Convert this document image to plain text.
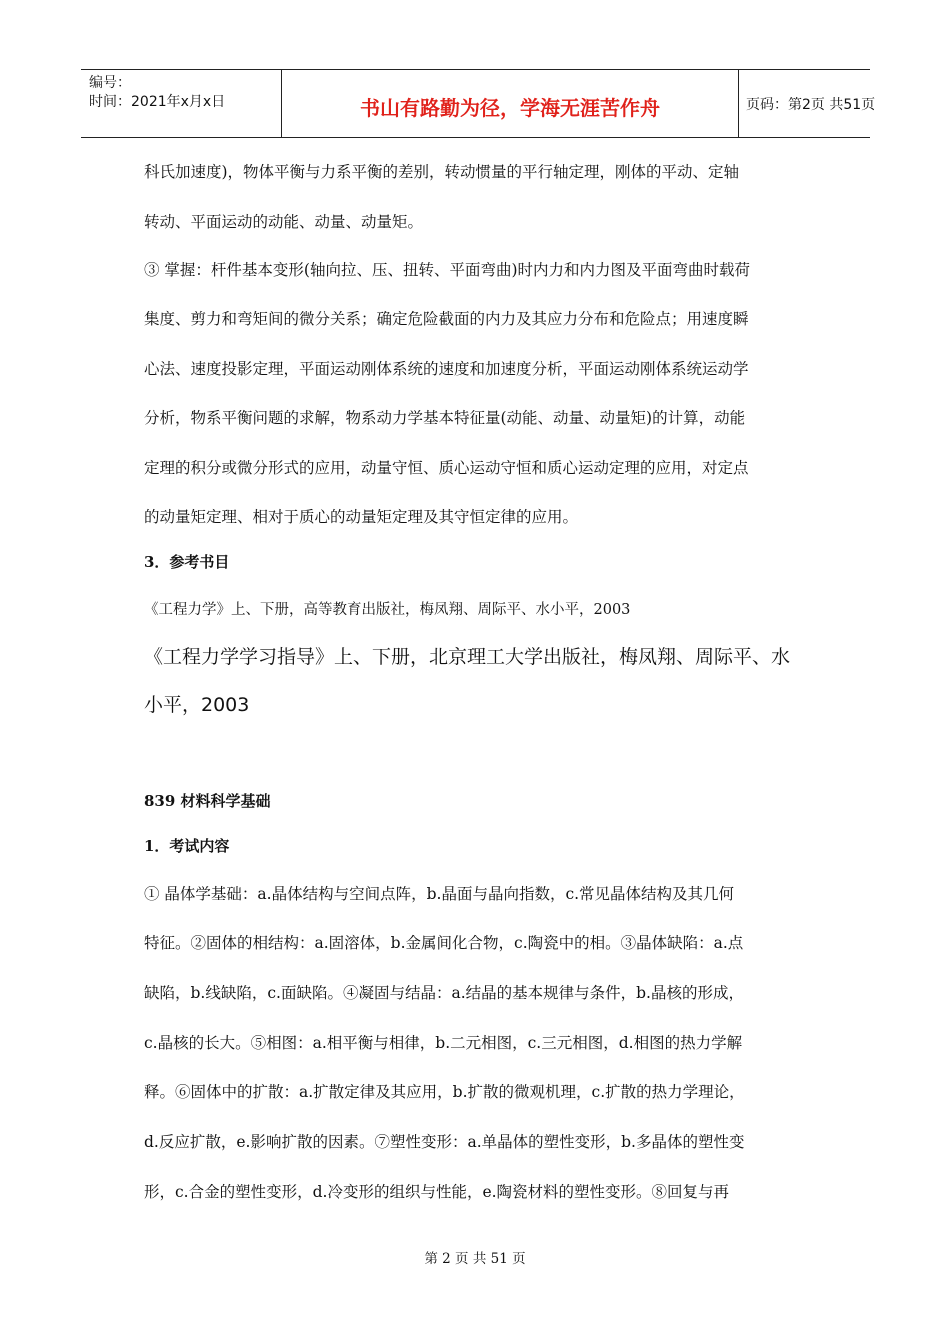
编号：
时间：2021年x月x日	书山有路勤为径，学海无涯苦作舟	页码：第2页 共51页
科氏加速度)，物体平衡与力系平衡的差别，转动惯量的平行轴定理，刚体的平动、定轴
转动、平面运动的动能、动量、动量矩。
③ 掌握：杆件基本变形(轴向拉、压、扭转、平面弯曲)时内力和内力图及平面弯曲时载荷
集度、剪力和弯矩间的微分关系；确定危险截面的内力及其应力分布和危险点；用速度瞬
心法、速度投影定理，平面运动刚体系统的速度和加速度分析，平面运动刚体系统运动学
分析，物系平衡问题的求解，物系动力学基本特征量(动能、动量、动量矩)的计算，动能
定理的积分或微分形式的应用，动量守恒、质心运动守恒和质心运动定理的应用，对定点
的动量矩定理、相对于质心的动量矩定理及其守恒定律的应用。
3．参考书目
《工程力学》上、下册，高等教育出版社，梅凤翔、周际平、水小平，2003
《工程力学学习指导》上、下册，北京理工大学出版社，梅凤翔、周际平、水
小平，2003
839 材料科学基础
1．考试内容
① 晶体学基础：a.晶体结构与空间点阵，b.晶面与晶向指数，c.常见晶体结构及其几何
特征。②固体的相结构：a.固溶体，b.金属间化合物，c.陶瓷中的相。③晶体缺陷：a.点
缺陷，b.线缺陷，c.面缺陷。④凝固与结晶：a.结晶的基本规律与条件，b.晶核的形成，
c.晶核的长大。⑤相图：a.相平衡与相律，b.二元相图，c.三元相图，d.相图的热力学解
释。⑥固体中的扩散：a.扩散定律及其应用，b.扩散的微观机理，c.扩散的热力学理论，
d.反应扩散，e.影响扩散的因素。⑦塑性变形：a.单晶体的塑性变形，b.多晶体的塑性变
形，c.合金的塑性变形，d.冷变形的组织与性能，e.陶瓷材料的塑性变形。⑧回复与再
第 2 页 共 51 页
